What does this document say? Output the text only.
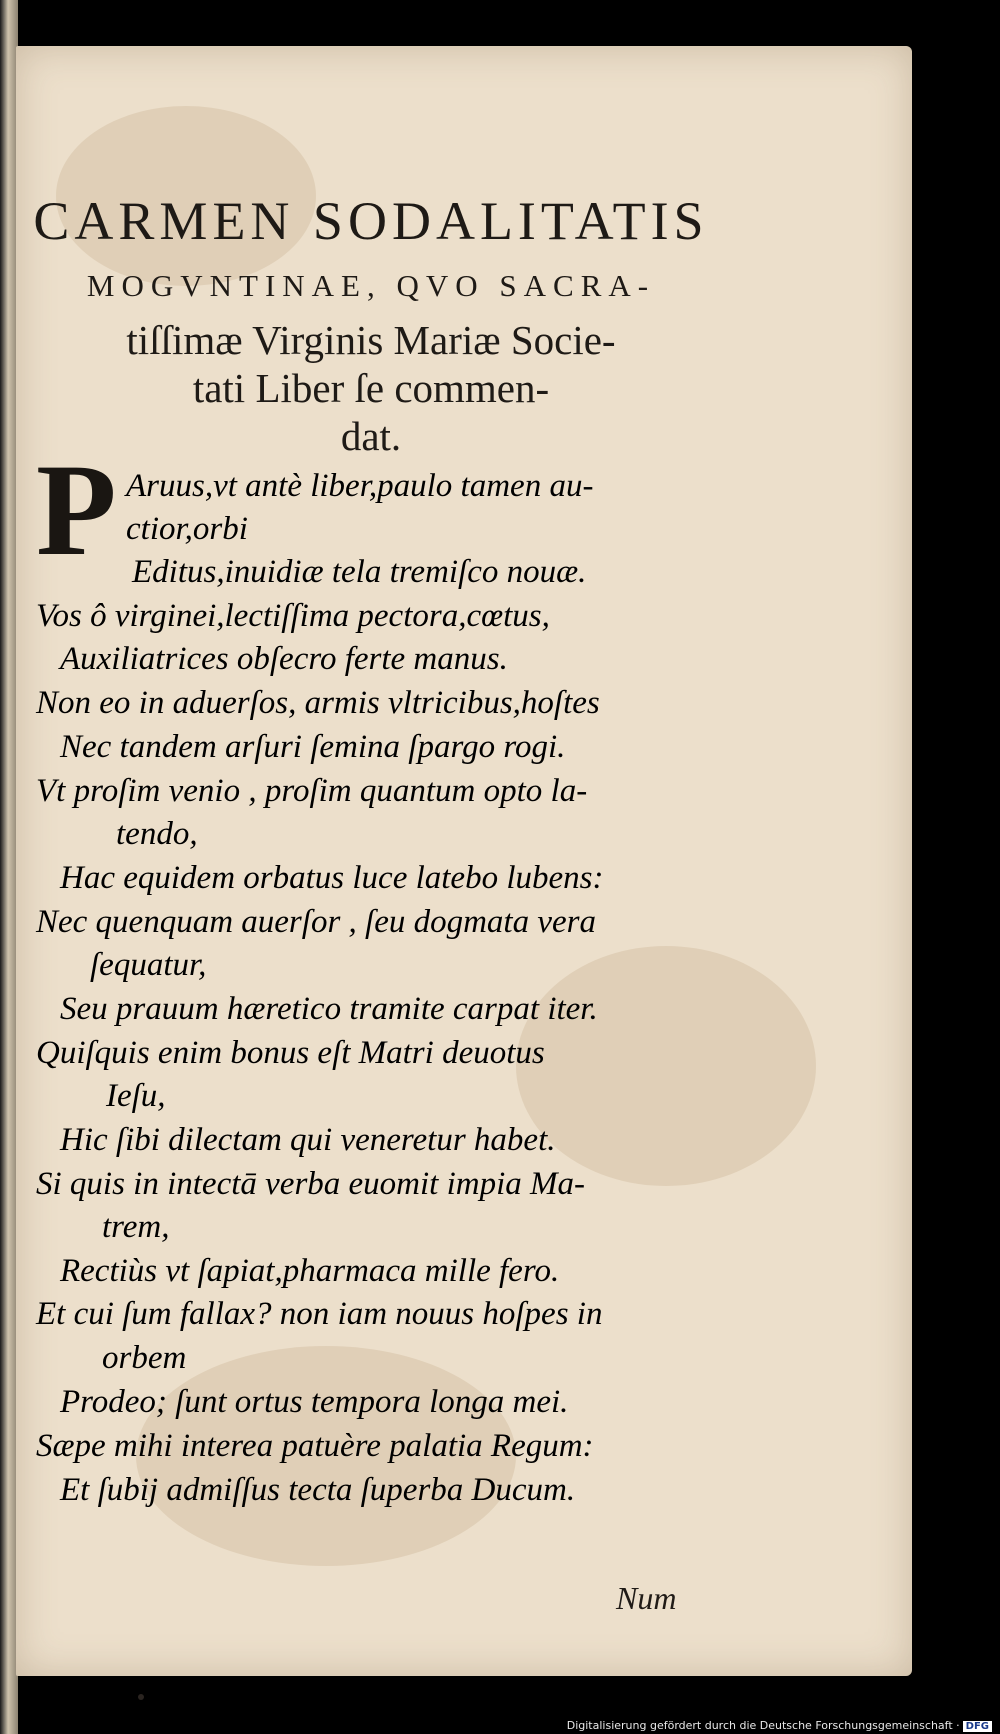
CARMEN SODALITATIS
MOGVNTINAE, QVO SACRA-
tiſſimæ Virginis Mariæ Socie-
tati Liber ſe commen-
dat.
P Aruus,vt antè liber,paulo tamen au-
ctior,orbi
Editus,inuidiæ tela tremiſco nouæ.
Vos ô virginei,lectiſſima pectora,cœtus,
Auxiliatrices obſecro ferte manus.
Non eo in aduerſos, armis vltricibus,hoſtes
Nec tandem arſuri ſemina ſpargo rogi.
Vt proſim venio , proſim quantum opto la-
tendo,
Hac equidem orbatus luce latebo lubens:
Nec quenquam auerſor , ſeu dogmata vera
ſequatur,
Seu prauum hæretico tramite carpat iter.
Quiſquis enim bonus eſt Matri deuotus
Ieſu,
Hic ſibi dilectam qui veneretur habet.
Si quis in intectā verba euomit impia Ma-
trem,
Rectiùs vt ſapiat,pharmaca mille fero.
Et cui ſum fallax? non iam nouus hoſpes in
orbem
Prodeo; ſunt ortus tempora longa mei.
Sæpe mihi interea patuère palatia Regum:
Et ſubij admiſſus tecta ſuperba Ducum.
Num
Digitalisierung gefördert durch die Deutsche Forschungsgemeinschaft · DFG
